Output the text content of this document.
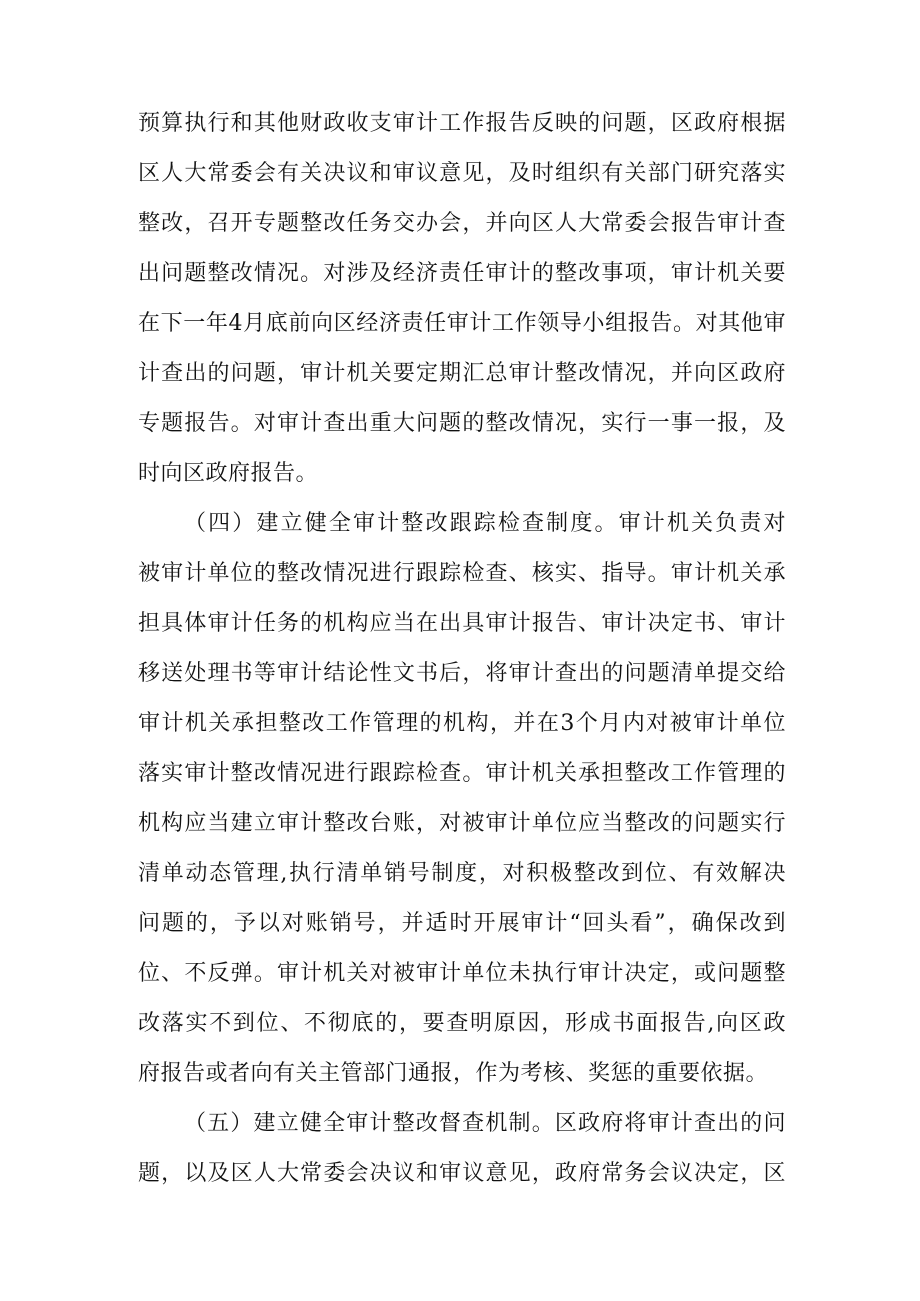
预算执行和其他财政收支审计工作报告反映的问题，区政府根据
区人大常委会有关决议和审议意见，及时组织有关部门研究落实
整改，召开专题整改任务交办会，并向区人大常委会报告审计查
出问题整改情况。对涉及经济责任审计的整改事项，审计机关要
在下一年4月底前向区经济责任审计工作领导小组报告。对其他审
计查出的问题，审计机关要定期汇总审计整改情况，并向区政府
专题报告。对审计查出重大问题的整改情况，实行一事一报，及
时向区政府报告。
（四）建立健全审计整改跟踪检查制度。审计机关负责对
被审计单位的整改情况进行跟踪检查、核实、指导。审计机关承
担具体审计任务的机构应当在出具审计报告、审计决定书、审计
移送处理书等审计结论性文书后，将审计查出的问题清单提交给
审计机关承担整改工作管理的机构，并在3个月内对被审计单位
落实审计整改情况进行跟踪检查。审计机关承担整改工作管理的
机构应当建立审计整改台账，对被审计单位应当整改的问题实行
清单动态管理,执行清单销号制度，对积极整改到位、有效解决
问题的，予以对账销号，并适时开展审计“回头看”，确保改到
位、不反弹。审计机关对被审计单位未执行审计决定，或问题整
改落实不到位、不彻底的，要查明原因，形成书面报告,向区政
府报告或者向有关主管部门通报，作为考核、奖惩的重要依据。
（五）建立健全审计整改督查机制。区政府将审计查出的问
题，以及区人大常委会决议和审议意见，政府常务会议决定，区
